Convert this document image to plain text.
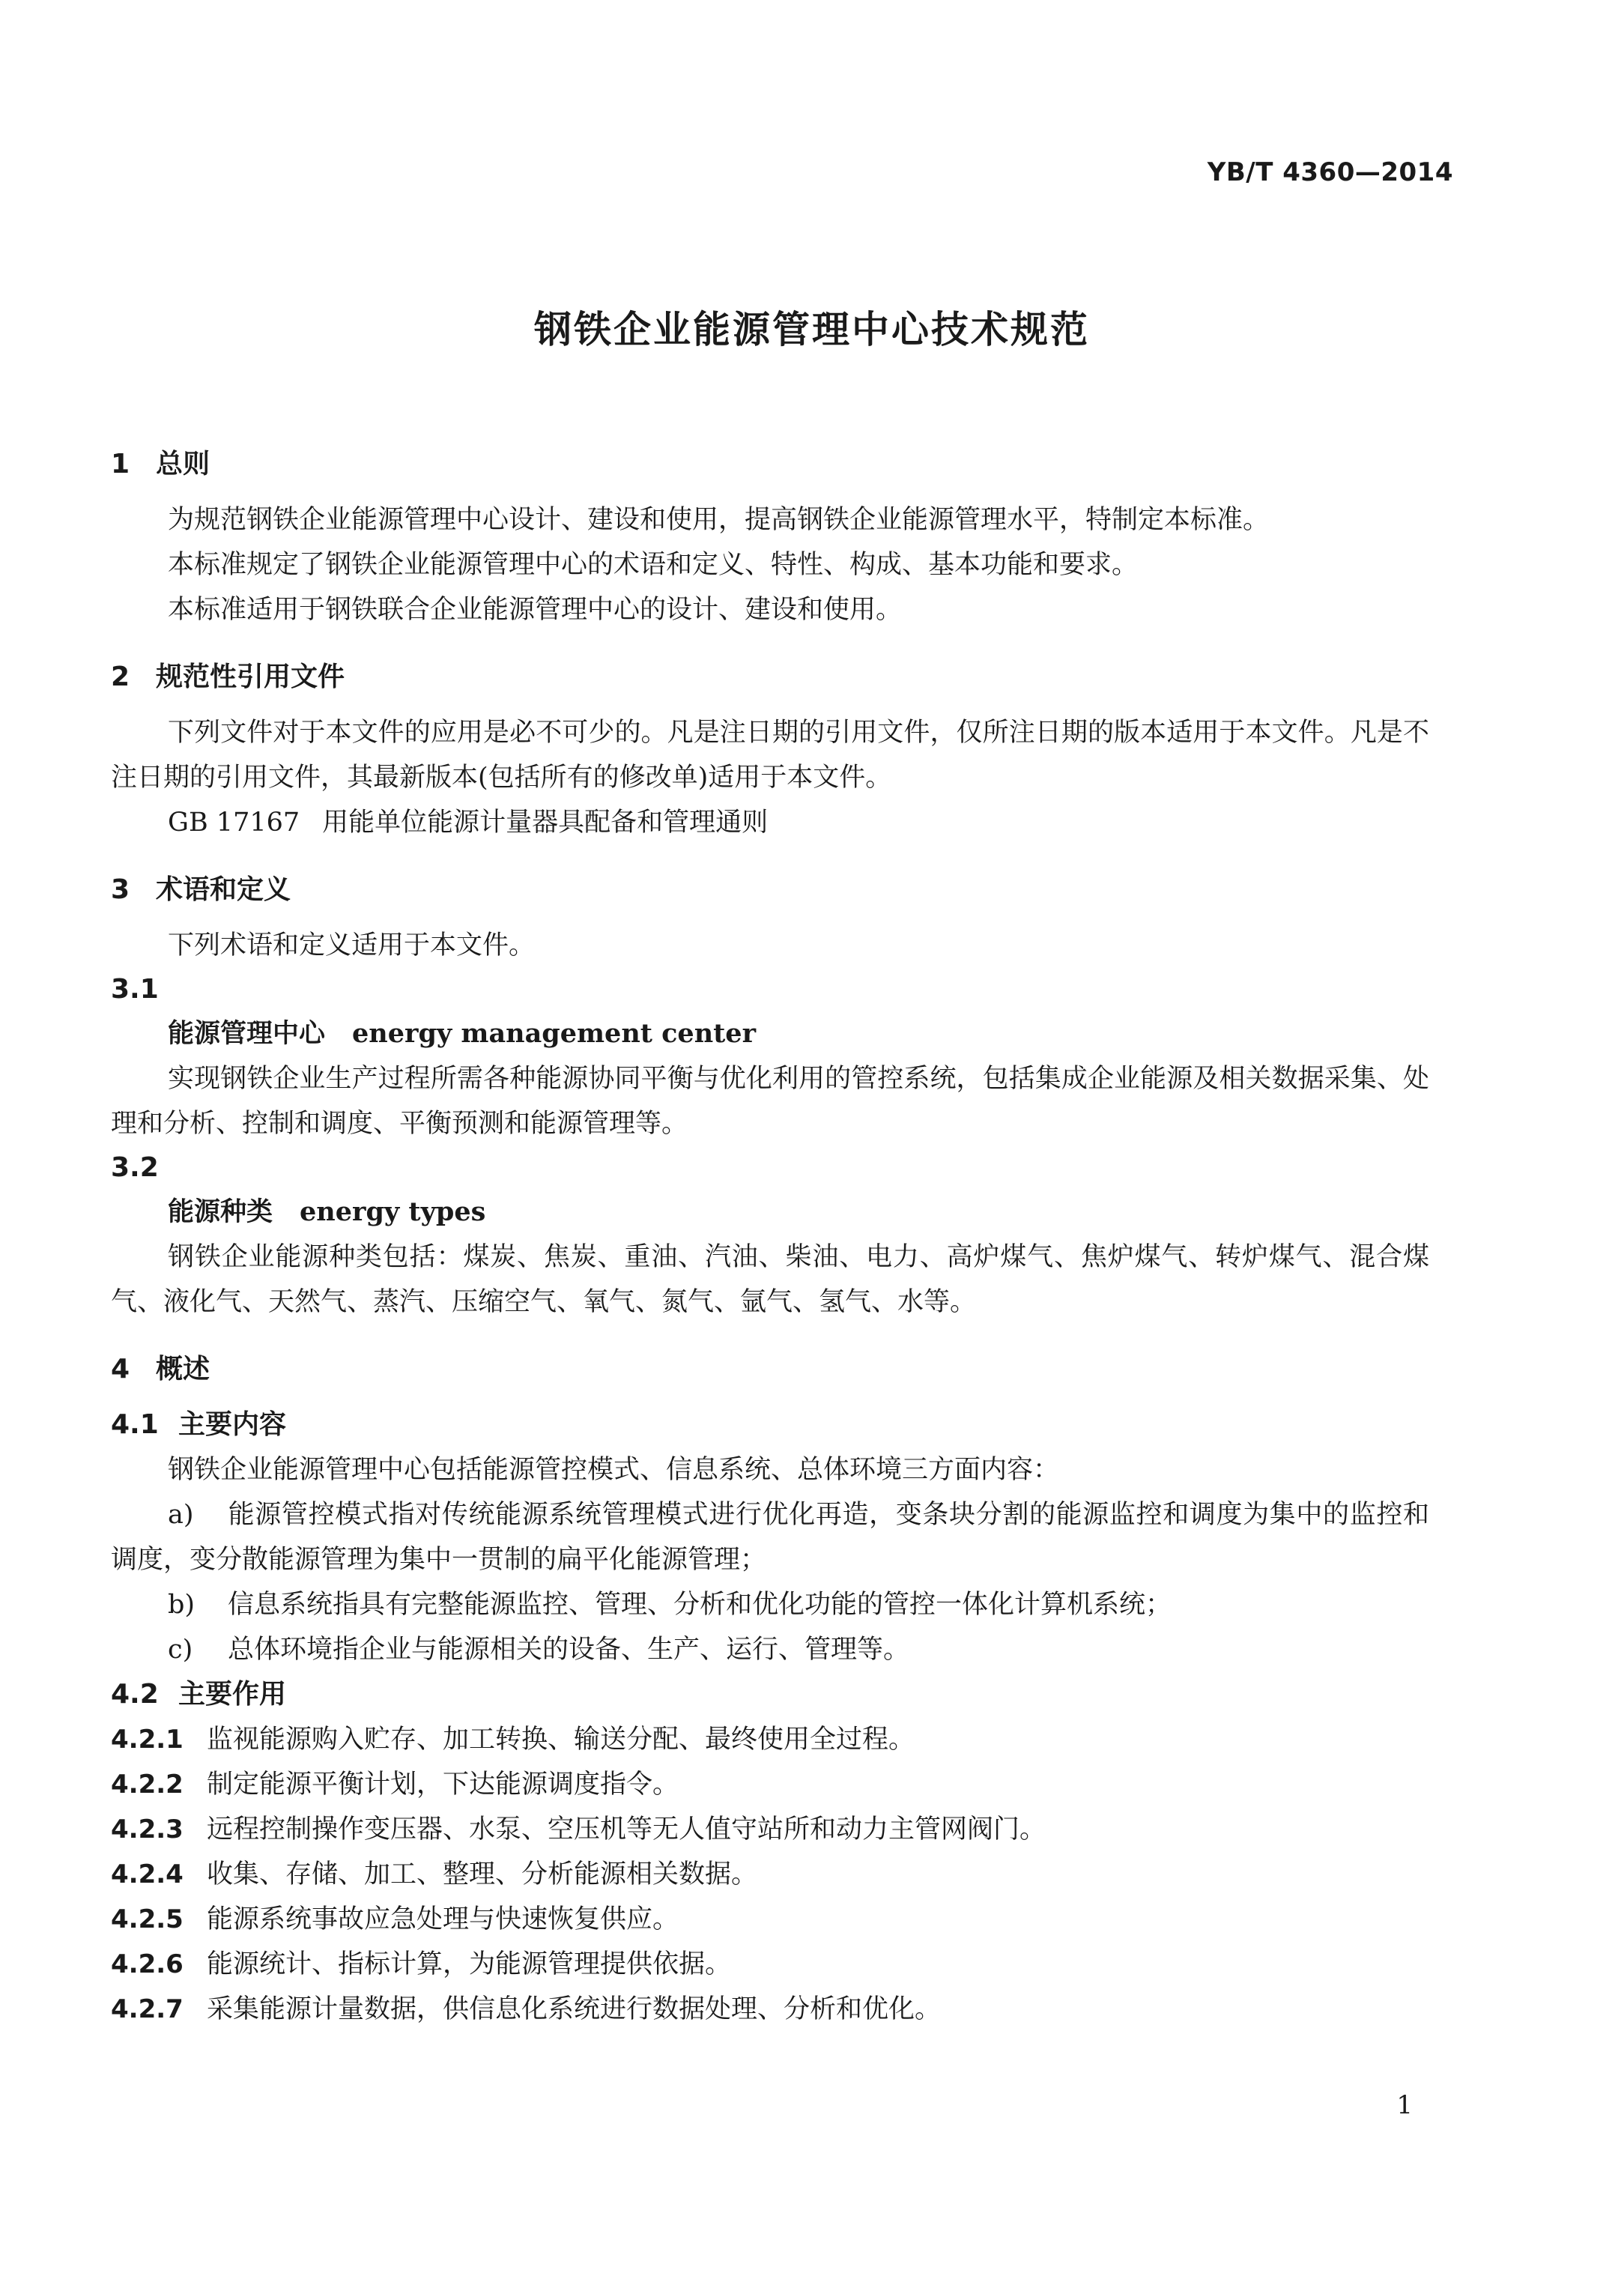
YB/T 4360—2014
钢铁企业能源管理中心技术规范
1 总则

为规范钢铁企业能源管理中心设计、建设和使用，提高钢铁企业能源管理水平，特制定本标准。

本标准规定了钢铁企业能源管理中心的术语和定义、特性、构成、基本功能和要求。

本标准适用于钢铁联合企业能源管理中心的设计、建设和使用。

2 规范性引用文件

下列文件对于本文件的应用是必不可少的。凡是注日期的引用文件，仅所注日期的版本适用于本文件。凡是不注日期的引用文件，其最新版本(包括所有的修改单)适用于本文件。

GB 17167 用能单位能源计量器具配备和管理通则

3 术语和定义

下列术语和定义适用于本文件。

3.1

能源管理中心 energy management center

实现钢铁企业生产过程所需各种能源协同平衡与优化利用的管控系统，包括集成企业能源及相关数据采集、处理和分析、控制和调度、平衡预测和能源管理等。

3.2

能源种类 energy types

钢铁企业能源种类包括：煤炭、焦炭、重油、汽油、柴油、电力、高炉煤气、焦炉煤气、转炉煤气、混合煤气、液化气、天然气、蒸汽、压缩空气、氧气、氮气、氩气、氢气、水等。

4 概述
4.1 主要内容

钢铁企业能源管理中心包括能源管控模式、信息系统、总体环境三方面内容：

a) 能源管控模式指对传统能源系统管理模式进行优化再造，变条块分割的能源监控和调度为集中的监控和调度，变分散能源管理为集中一贯制的扁平化能源管理；

b) 信息系统指具有完整能源监控、管理、分析和优化功能的管控一体化计算机系统；

c) 总体环境指企业与能源相关的设备、生产、运行、管理等。

4.2 主要作用

4.2.1 监视能源购入贮存、加工转换、输送分配、最终使用全过程。

4.2.2 制定能源平衡计划，下达能源调度指令。

4.2.3 远程控制操作变压器、水泵、空压机等无人值守站所和动力主管网阀门。

4.2.4 收集、存储、加工、整理、分析能源相关数据。

4.2.5 能源系统事故应急处理与快速恢复供应。

4.2.6 能源统计、指标计算，为能源管理提供依据。

4.2.7 采集能源计量数据，供信息化系统进行数据处理、分析和优化。

1
